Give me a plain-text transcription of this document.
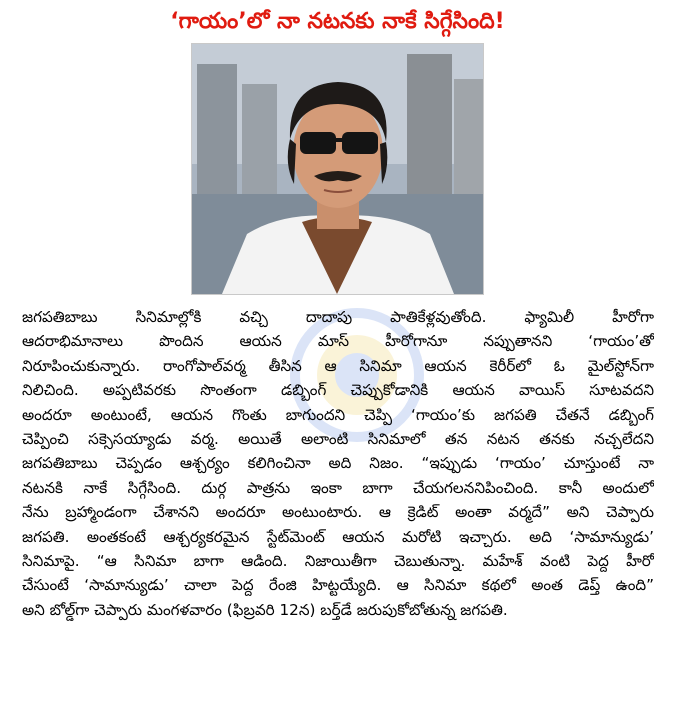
‘గాయం’లో నా నటనకు నాకే సిగ్గేసింది!
జగపతిబాబు సినిమాల్లోకి వచ్చి దాదాపు పాతికేళ్లవుతోంది. ఫ్యామిలీ హీరోగా
ఆదరాభిమానాలు పొందిన ఆయన మాస్ హీరోగానూ నప్పుతానని ‘గాయం’తో
నిరూపించుకున్నారు. రాంగోపాల్‌వర్మ తీసిన ఆ సినిమా ఆయన కెరీర్‌లో ఓ మైల్‌స్టోన్‌గా
నిలిచింది. అప్పటివరకు సొంతంగా డబ్బింగ్ చెప్పుకోడానికి ఆయన వాయిస్ సూటవదని
అందరూ అంటుంటే, ఆయన గొంతు బాగుందని చెప్పి ‘గాయం’కు జగపతి చేతనే డబ్బింగ్
చెప్పించి సక్సెసయ్యాడు వర్మ. అయితే అలాంటి సినిమాలో తన నటన తనకు నచ్చలేదని
జగపతిబాబు చెప్పడం ఆశ్చర్యం కలిగించినా అది నిజం. “ఇప్పుడు ‘గాయం’ చూస్తుంటే నా
నటనకి నాకే సిగ్గేసింది. దుర్గ పాత్రను ఇంకా బాగా చేయగలననిపించింది. కానీ అందులో
నేను బ్రహ్మాండంగా చేశానని అందరూ అంటుంటారు. ఆ క్రెడిట్ అంతా వర్మదే” అని చెప్పారు
జగపతి. అంతకంటే ఆశ్చర్యకరమైన స్టేట్‌మెంట్ ఆయన మరోటి ఇచ్చారు. అది ‘సామాన్యుడు’
సినిమాపై. “ఆ సినిమా బాగా ఆడింది. నిజాయితీగా చెబుతున్నా. మహేశ్ వంటి పెద్ద హీరో
చేసుంటే ‘సామాన్యుడు’ చాలా పెద్ద రేంజి హిట్టయ్యేది. ఆ సినిమా కథలో అంత డెప్త్ ఉంది”
అని బోల్డ్‌గా చెప్పారు మంగళవారం (ఫిబ్రవరి 12న) బర్త్‌డే జరుపుకోబోతున్న జగపతి.
